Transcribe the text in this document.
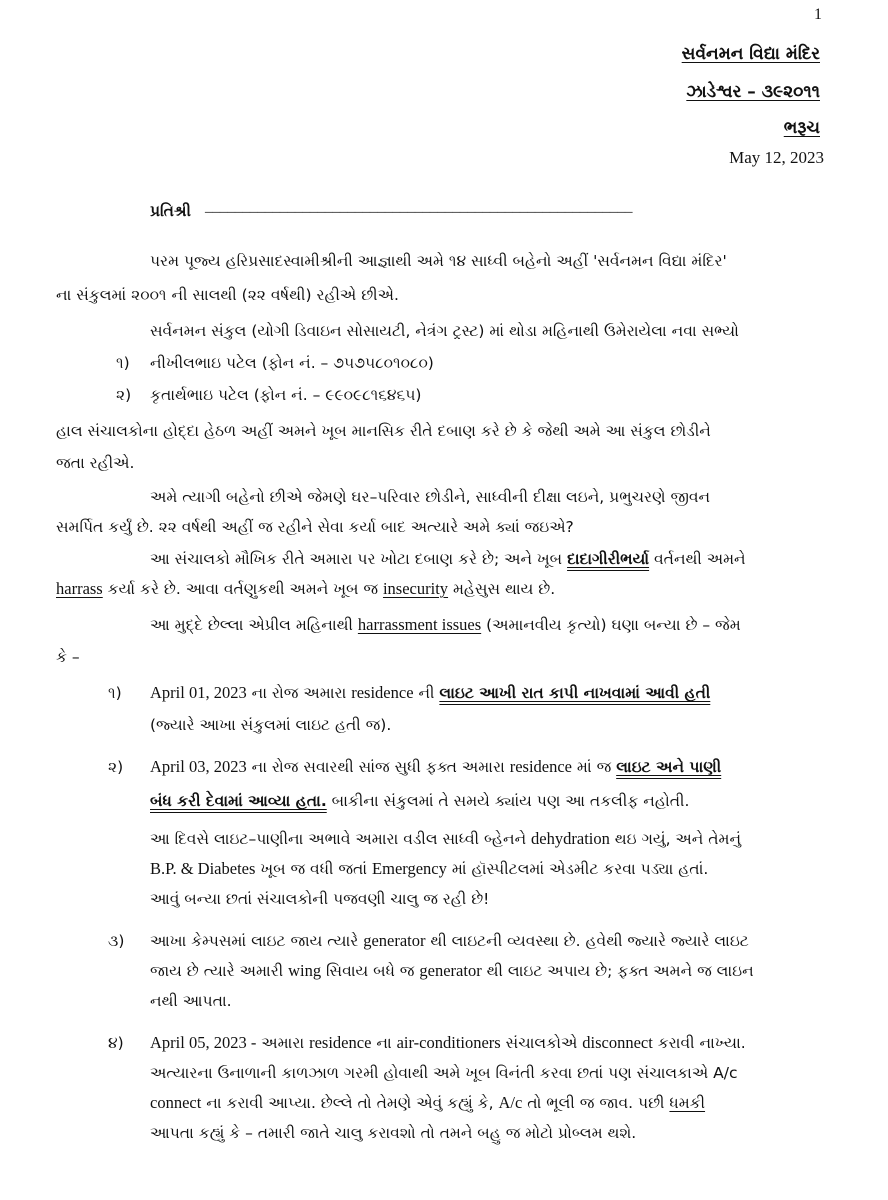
1
સર્વનમન વિદ્યા મંદિર
ઝાડેશ્વર – ૩૯૨૦૧૧
ભરૂચ
May 12, 2023
પ્રતિશ્રી _________________________________________________________
પરમ પૂજ્ય હરિપ્રસાદસ્વામીશ્રીની આજ્ઞાથી અમે ૧૪ સાધ્વી બહેનો અહીં 'સર્વનમન વિદ્યા મંદિર'
ના સંકુલમાં ૨૦૦૧ ની સાલથી (૨૨ વર્ષથી) રહીએ છીએ.
સર્વનમન સંકુલ (યોગી ડિવાઇન સોસાયટી, નેત્રંગ ટ્રસ્ટ) માં થોડા મહિનાથી ઉમેરાયેલા નવા સભ્યો
૧) નીખીલભાઇ પટેલ (ફોન નં. – ૭૫૭૫૮૦૧૦૮૦)
૨) કૃતાર્થભાઇ પટેલ (ફોન નં. – ૯૯૦૯૮૧૬૪૬૫)
હાલ સંચાલકોના હોદ્દા હેઠળ અહીં અમને ખૂબ માનસિક રીતે દબાણ કરે છે કે જેથી અમે આ સંકુલ છોડીને
જતા રહીએ.
અમે ત્યાગી બહેનો છીએ જેમણે ઘર–પરિવાર છોડીને, સાધ્વીની દીક્ષા લઇને, પ્રભુચરણે જીવન
સમર્પિત કર્યું છે. ૨૨ વર્ષથી અહીં જ રહીને સેવા કર્યા બાદ અત્યારે અમે ક્યાં જઇએ?
આ સંચાલકો મૌખિક રીતે અમારા પર ખોટા દબાણ કરે છે; અને ખૂબ દાદાગીરીભર્યા વર્તનથી અમને
harrass કર્યા કરે છે. આવા વર્તણુકથી અમને ખૂબ જ insecurity મહેસુસ થાય છે.
આ મુદ્દે છેલ્લા એપ્રીલ મહિનાથી harrassment issues (અમાનવીય કૃત્યો) ઘણા બન્યા છે – જેમ
કે –
૧) April 01, 2023 ના રોજ અમારા residence ની લાઇટ આખી રાત કાપી નાખવામાં આવી હતી
(જ્યારે આખા સંકુલમાં લાઇટ હતી જ).
૨) April 03, 2023 ના રોજ સવારથી સાંજ સુધી ફક્ત અમારા residence માં જ લાઇટ અને પાણી
બંધ કરી દેવામાં આવ્યા હતા. બાકીના સંકુલમાં તે સમયે ક્યાંય પણ આ તકલીફ નહોતી.
આ દિવસે લાઇટ–પાણીના અભાવે અમારા વડીલ સાધ્વી બ્હેનને dehydration થઇ ગયું, અને તેમનું
B.P. & Diabetes ખૂબ જ વધી જતાં Emergency માં હૉસ્પીટલમાં એડમીટ કરવા પડ્યા હતાં.
આવું બન્યા છતાં સંચાલકોની પજવણી ચાલુ જ રહી છે!
૩) આખા કેમ્પસમાં લાઇટ જાય ત્યારે generator થી લાઇટની વ્યવસ્થા છે. હવેથી જ્યારે જ્યારે લાઇટ
જાય છે ત્યારે અમારી wing સિવાય બધે જ generator થી લાઇટ અપાય છે; ફક્ત અમને જ લાઇન
નથી આપતા.
૪) April 05, 2023 - અમારા residence ના air-conditioners સંચાલકોએ disconnect કરાવી નાખ્યા.
અત્યારના ઉનાળાની કાળઝાળ ગરમી હોવાથી અમે ખૂબ વિનંતી કરવા છતાં પણ સંચાલકાએ A/c
connect ના કરાવી આપ્યા. છેલ્લે તો તેમણે એવું કહ્યું કે, A/c તો ભૂલી જ જાવ. પછી ધમકી
આપતા કહ્યું કે – તમારી જાતે ચાલુ કરાવશો તો તમને બહુ જ મોટો પ્રોબ્લમ થશે.
